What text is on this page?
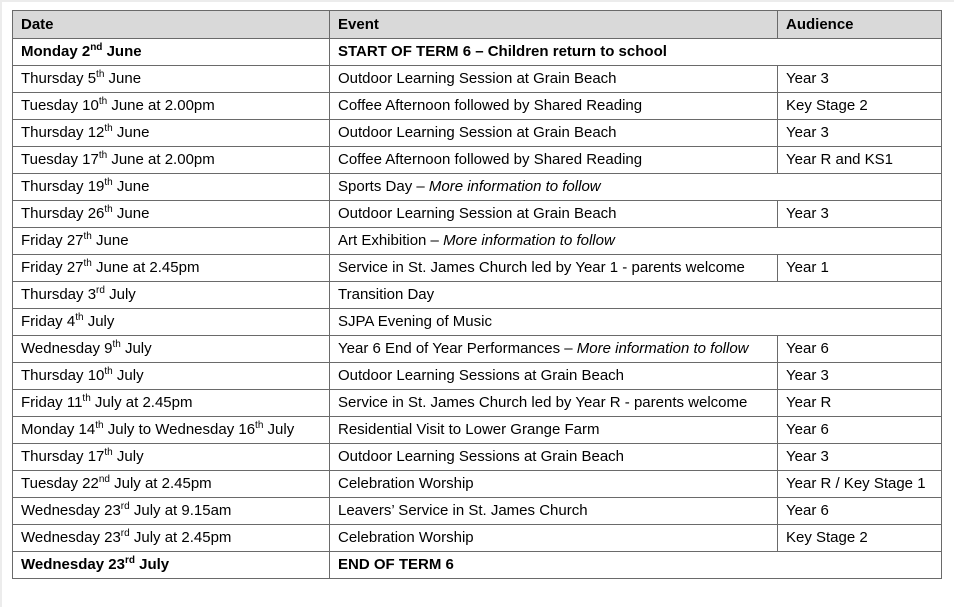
Date	Event	Audience
Monday 2nd June	START OF TERM 6 – Children return to school	
Thursday 5th June	Outdoor Learning Session at Grain Beach	Year 3
Tuesday 10th June at 2.00pm	Coffee Afternoon followed by Shared Reading	Key Stage 2
Thursday 12th June	Outdoor Learning Session at Grain Beach	Year 3
Tuesday 17th June at 2.00pm	Coffee Afternoon followed by Shared Reading	Year R and KS1
Thursday 19th June	Sports Day – More information to follow	
Thursday 26th June	Outdoor Learning Session at Grain Beach	Year 3
Friday 27th June	Art Exhibition – More information to follow	
Friday 27th June at 2.45pm	Service in St. James Church led by Year 1 - parents welcome	Year 1
Thursday 3rd July	Transition Day	
Friday 4th July	SJPA Evening of Music	
Wednesday 9th July	Year 6 End of Year Performances – More information to follow	Year 6
Thursday 10th July	Outdoor Learning Sessions at Grain Beach	Year 3
Friday 11th July at 2.45pm	Service in St. James Church led by Year R - parents welcome	Year R
Monday 14th July to Wednesday 16th July	Residential Visit to Lower Grange Farm	Year 6
Thursday 17th July	Outdoor Learning Sessions at Grain Beach	Year 3
Tuesday 22nd July at 2.45pm	Celebration Worship	Year R / Key Stage 1
Wednesday 23rd July at 9.15am	Leavers’ Service in St. James Church	Year 6
Wednesday 23rd July at 2.45pm	Celebration Worship	Key Stage 2
Wednesday 23rd July	END OF TERM 6	
